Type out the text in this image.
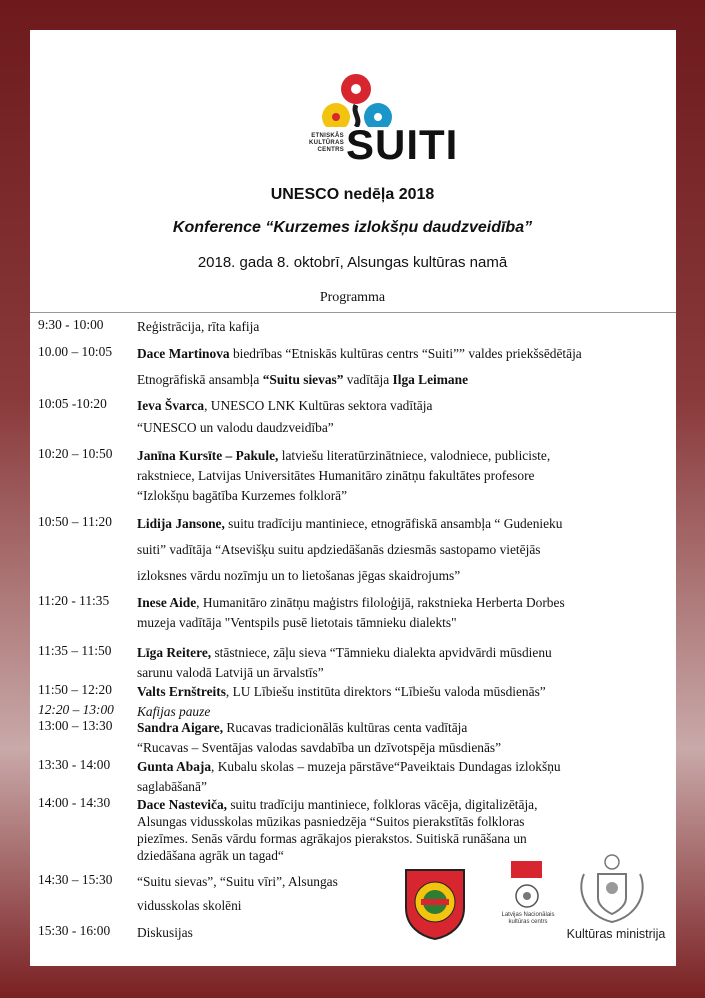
ETNISKĀS KULTŪRAS CENTRS SUITI
UNESCO nedēļa 2018
Konference “Kurzemes izlokšņu daudzveidība”
2018. gada 8. oktobrī, Alsungas kultūras namā
Programma
9:30 - 10:00	Reģistrācija, rīta kafija
10.00 – 10:05 Dace Martinova biedrības “Etniskās kultūras centrs “Suiti”” valdes priekšsēdētāja
Etnogrāfiskā ansambļa “Suitu sievas” vadītāja Ilga Leimane
10:05 -10:20 Ieva Švarca, UNESCO LNK Kultūras sektora vadītāja
“UNESCO un valodu daudzveidība”
10:20 – 10:50 Janīna Kursīte – Pakule, latviešu literatūrzinātniece, valodniece, publiciste,
rakstniece, Latvijas Universitātes Humanitāro zinātņu fakultātes profesore
“Izlokšņu bagātība Kurzemes folklorā”
10:50 – 11:20 Lidija Jansone, suitu tradīciju mantiniece, etnogrāfiskā ansambļa “ Gudenieku
suiti” vadītāja “Atsevišķu suitu apdziedāšanās dziesmās sastopamo vietējās
izloksnes vārdu nozīmju un to lietošanas jēgas skaidrojums”
11:20 - 11:35 Inese Aide, Humanitāro zinātņu maģistrs filoloģijā, rakstnieka Herberta Dorbes
muzeja vadītāja "Ventspils pusē lietotais tāmnieku dialekts"
11:35 – 11:50 Līga Reitere, stāstniece, zāļu sieva “Tāmnieku dialekta apvidvārdi mūsdienu
sarunu valodā Latvijā un ārvalstīs”
11:50 – 12:20 Valts Ernštreits, LU Lībiešu institūta direktors “Lībiešu valoda mūsdienās”
12:20 – 13:00 Kafijas pauze
13:00 – 13:30 Sandra Aigare, Rucavas tradicionālās kultūras centa vadītāja
“Rucavas – Sventājas valodas savdabība un dzīvotspēja mūsdienās”
13:30 - 14:00 Gunta Abaja, Kubalu skolas – muzeja pārstāve“Paveiktais Dundagas izlokšņu
saglabāšanā”
14:00 - 14:30 Dace Nastevičа, suitu tradīciju mantiniece, folkloras vācēja, digitalizētāja,
Alsungas vidusskolas mūzikas pasniedzēja “Suitos pierakstītās folkloras
piezīmes. Senās vārdu formas agrākajos pierakstos. Suitiskā runāšana un
dziedāšana agrāk un tagad“
14:30 – 15:30 “Suitu sievas”, “Suitu vīri”, Alsungas
vidusskolas skolēni
15:30 - 16:00 Diskusijas
Latvijas Nacionālais kultūras centrs
Kultūras ministrija
